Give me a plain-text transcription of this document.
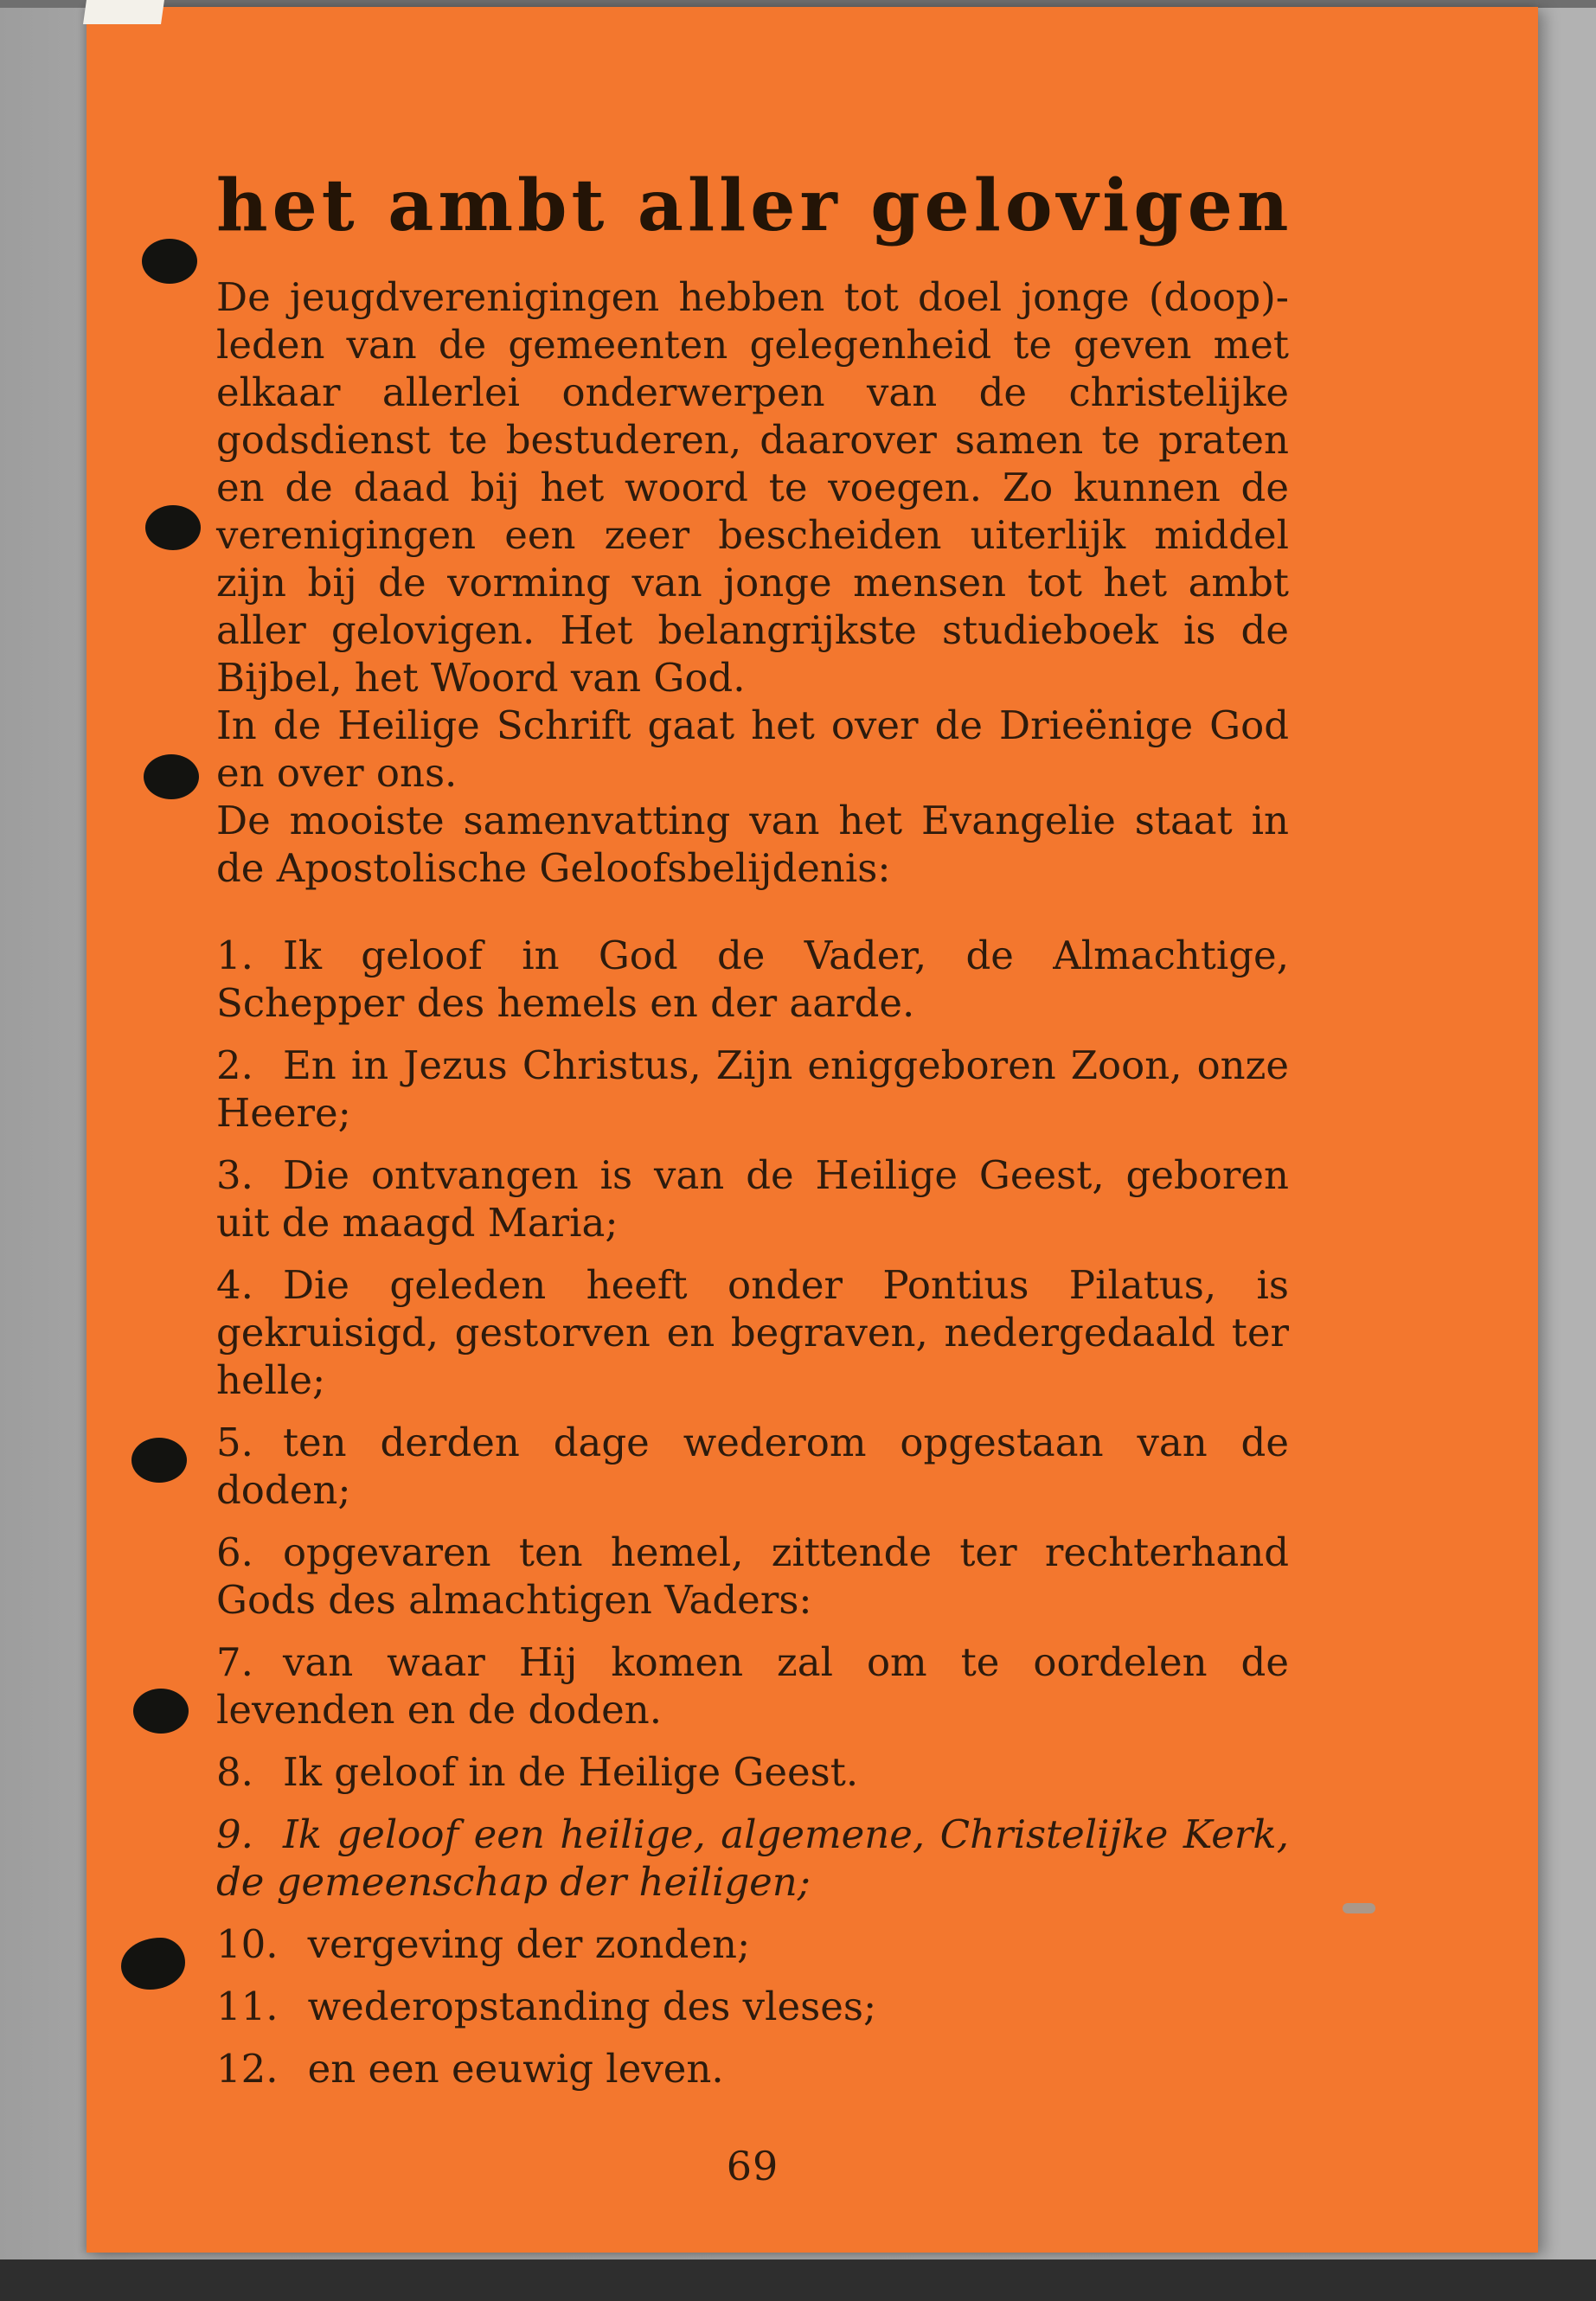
het ambt aller gelovigen

De jeugdverenigingen hebben tot doel jonge (doop)-leden van de gemeenten gelegenheid te geven met elkaar allerlei onderwerpen van de christelijke godsdienst te bestuderen, daarover samen te praten en de daad bij het woord te voegen. Zo kunnen de verenigingen een zeer bescheiden uiterlijk middel zijn bij de vorming van jonge mensen tot het ambt aller gelovigen. Het belangrijkste studieboek is de Bijbel, het Woord van God.

In de Heilige Schrift gaat het over de Drieënige God en over ons.

De mooiste samenvatting van het Evangelie staat in de Apostolische Geloofsbelijdenis:

1. Ik geloof in God de Vader, de Almachtige, Schepper des hemels en der aarde.

2. En in Jezus Christus, Zijn eniggeboren Zoon, onze Heere;

3. Die ontvangen is van de Heilige Geest, geboren uit de maagd Maria;

4. Die geleden heeft onder Pontius Pilatus, is gekruisigd, gestorven en begraven, nedergedaald ter helle;

5. ten derden dage wederom opgestaan van de doden;

6. opgevaren ten hemel, zittende ter rechterhand Gods des almachtigen Vaders:

7. van waar Hij komen zal om te oordelen de levenden en de doden.

8. Ik geloof in de Heilige Geest.

9. Ik geloof een heilige, algemene, Christelijke Kerk, de gemeenschap der heiligen;

10. vergeving der zonden;

11. wederopstanding des vleses;

12. en een eeuwig leven.

69
